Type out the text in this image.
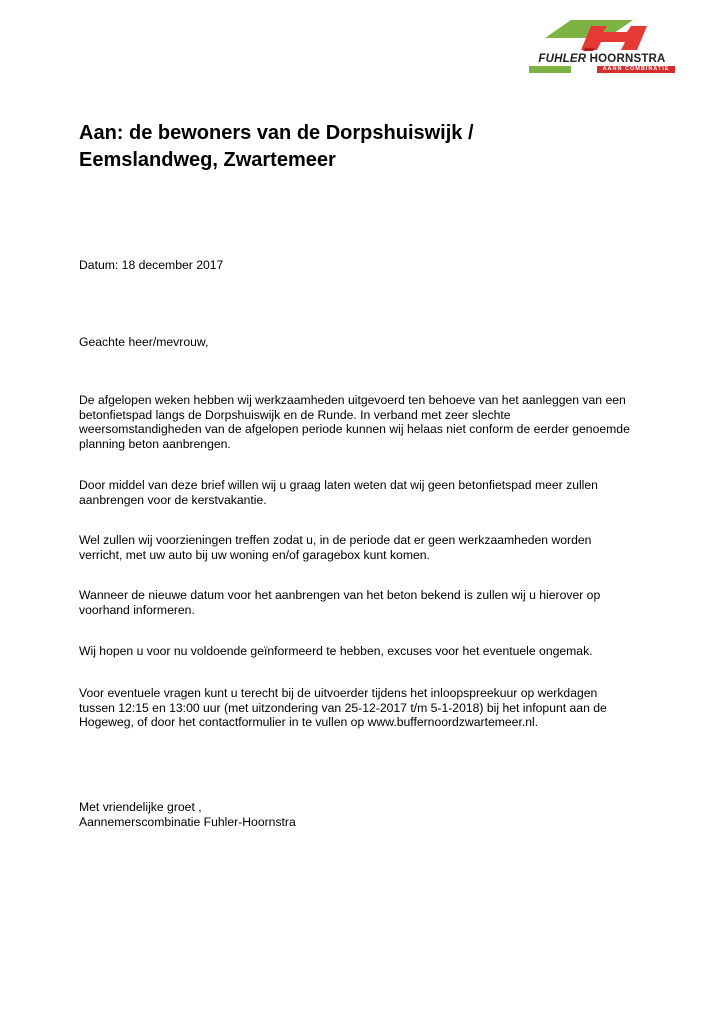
FUHLER HOORNSTRA
AANN COMBINATIE
Aan: de bewoners van de Dorpshuiswijk /
Eemslandweg, Zwartemeer

Datum: 18 december 2017

Geachte heer/mevrouw,

De afgelopen weken hebben wij werkzaamheden uitgevoerd ten behoeve van het aanleggen van een
betonfietspad langs de Dorpshuiswijk en de Runde. In verband met zeer slechte
weersomstandigheden van de afgelopen periode kunnen wij helaas niet conform de eerder genoemde
planning beton aanbrengen.

Door middel van deze brief willen wij u graag laten weten dat wij geen betonfietspad meer zullen
aanbrengen voor de kerstvakantie.

Wel zullen wij voorzieningen treffen zodat u, in de periode dat er geen werkzaamheden worden
verricht, met uw auto bij uw woning en/of garagebox kunt komen.

Wanneer de nieuwe datum voor het aanbrengen van het beton bekend is zullen wij u hierover op
voorhand informeren.

Wij hopen u voor nu voldoende geïnformeerd te hebben, excuses voor het eventuele ongemak.

Voor eventuele vragen kunt u terecht bij de uitvoerder tijdens het inloopspreekuur op werkdagen
tussen 12:15 en 13:00 uur (met uitzondering van 25-12-2017 t/m 5-1-2018) bij het infopunt aan de
Hogeweg, of door het contactformulier in te vullen op www.buffernoordzwartemeer.nl.

Met vriendelijke groet ,
Aannemerscombinatie Fuhler-Hoornstra
